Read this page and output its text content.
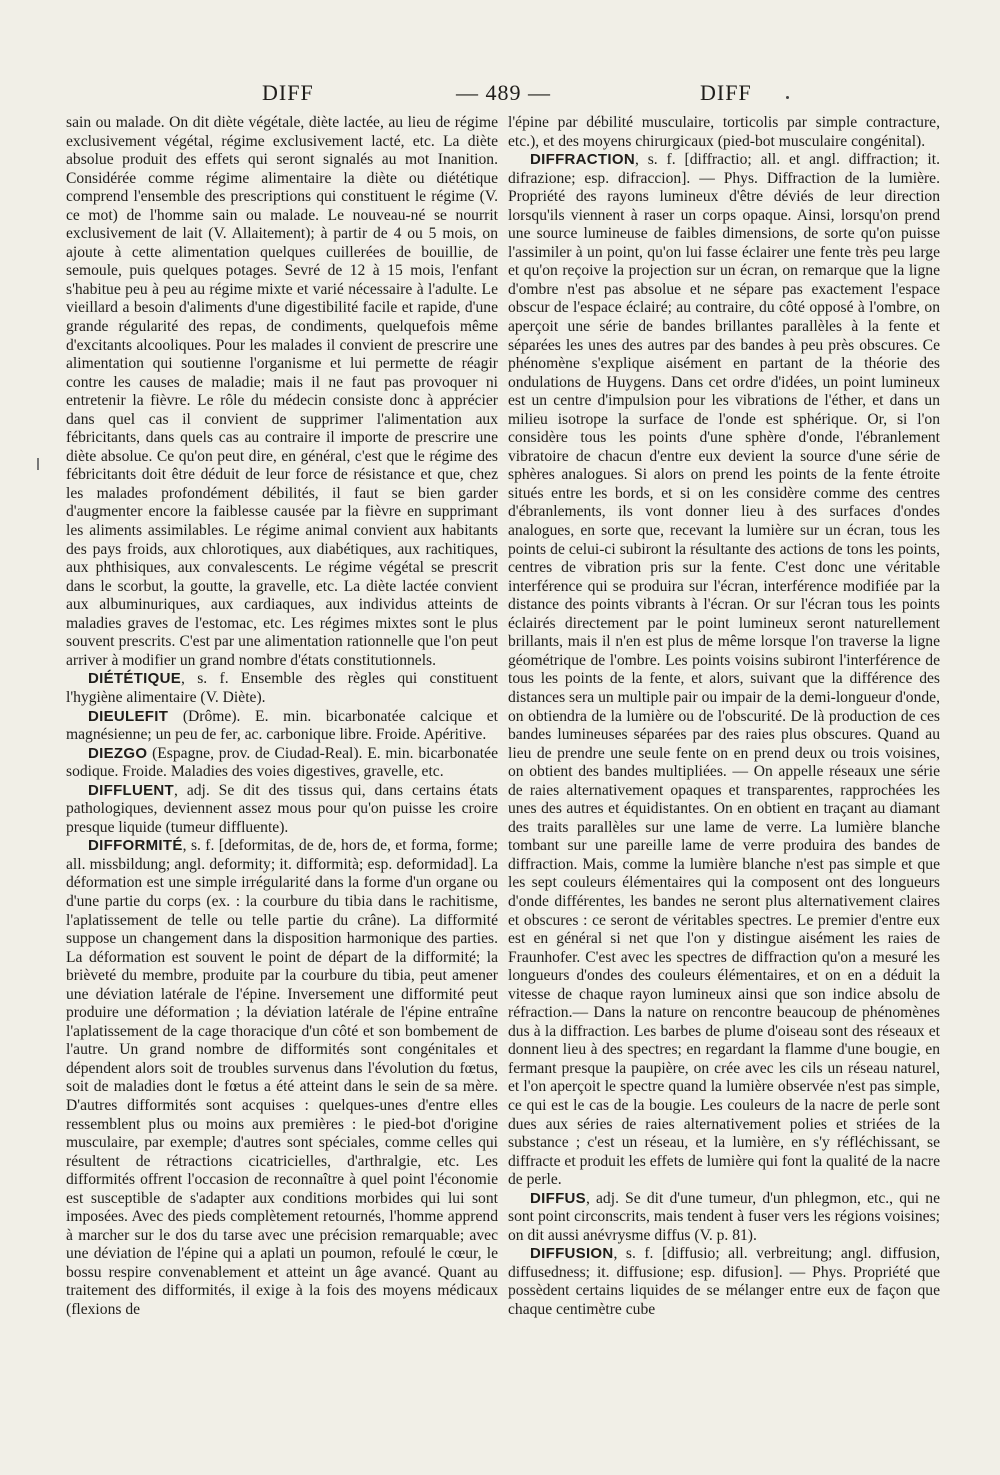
DIFF	— 489 —	DIFF

sain ou malade. On dit diète végétale, diète lactée, au lieu de régime exclusivement végétal, régime exclusivement lacté, etc. La diète absolue produit des effets qui seront signalés au mot Inanition. Considérée comme régime alimentaire la diète ou diététique comprend l'ensemble des prescriptions qui constituent le régime (V. ce mot) de l'homme sain ou malade. Le nouveau-né se nourrit exclusivement de lait (V. Allaitement); à partir de 4 ou 5 mois, on ajoute à cette alimentation quelques cuillerées de bouillie, de semoule, puis quelques potages. Sevré de 12 à 15 mois, l'enfant s'habitue peu à peu au régime mixte et varié nécessaire à l'adulte. Le vieillard a besoin d'aliments d'une digestibilité facile et rapide, d'une grande régularité des repas, de condiments, quelquefois même d'excitants alcooliques. Pour les malades il convient de prescrire une alimentation qui soutienne l'organisme et lui permette de réagir contre les causes de maladie; mais il ne faut pas provoquer ni entretenir la fièvre. Le rôle du médecin consiste donc à apprécier dans quel cas il convient de supprimer l'alimentation aux fébricitants, dans quels cas au contraire il importe de prescrire une diète absolue. Ce qu'on peut dire, en général, c'est que le régime des fébricitants doit être déduit de leur force de résistance et que, chez les malades profondément débilités, il faut se bien garder d'augmenter encore la faiblesse causée par la fièvre en supprimant les aliments assimilables. Le régime animal convient aux habitants des pays froids, aux chlorotiques, aux diabétiques, aux rachitiques, aux phthisiques, aux convalescents. Le régime végétal se prescrit dans le scorbut, la goutte, la gravelle, etc. La diète lactée convient aux albuminuriques, aux cardiaques, aux individus atteints de maladies graves de l'estomac, etc. Les régimes mixtes sont le plus souvent prescrits. C'est par une alimentation rationnelle que l'on peut arriver à modifier un grand nombre d'états constitutionnels.

DIÉTÉTIQUE, s. f. Ensemble des règles qui constituent l'hygiène alimentaire (V. Diète).

DIEULEFIT (Drôme). E. min. bicarbonatée calcique et magnésienne; un peu de fer, ac. carbonique libre. Froide. Apéritive.

DIEZGO (Espagne, prov. de Ciudad-Real). E. min. bicarbonatée sodique. Froide. Maladies des voies digestives, gravelle, etc.

DIFFLUENT, adj. Se dit des tissus qui, dans certains états pathologiques, deviennent assez mous pour qu'on puisse les croire presque liquide (tumeur diffluente).

DIFFORMITÉ, s. f. [deformitas, de de, hors de, et forma, forme; all. missbildung; angl. deformity; it. difformità; esp. deformidad]. La déformation est une simple irrégularité dans la forme d'un organe ou d'une partie du corps (ex. : la courbure du tibia dans le rachitisme, l'aplatissement de telle ou telle partie du crâne). La difformité suppose un changement dans la disposition harmonique des parties. La déformation est souvent le point de départ de la difformité; la brièveté du membre, produite par la courbure du tibia, peut amener une déviation latérale de l'épine. Inversement une difformité peut produire une déformation ; la déviation latérale de l'épine entraîne l'aplatissement de la cage thoracique d'un côté et son bombement de l'autre. Un grand nombre de difformités sont congénitales et dépendent alors soit de troubles survenus dans l'évolution du fœtus, soit de maladies dont le fœtus a été atteint dans le sein de sa mère. D'autres difformités sont acquises : quelques-unes d'entre elles ressemblent plus ou moins aux premières : le pied-bot d'origine musculaire, par exemple; d'autres sont spéciales, comme celles qui résultent de rétractions cicatricielles, d'arthralgie, etc. Les difformités offrent l'occasion de reconnaître à quel point l'économie est susceptible de s'adapter aux conditions morbides qui lui sont imposées. Avec des pieds complètement retournés, l'homme apprend à marcher sur le dos du tarse avec une précision remarquable; avec une déviation de l'épine qui a aplati un poumon, refoulé le cœur, le bossu respire convenablement et atteint un âge avancé. Quant au traitement des difformités, il exige à la fois des moyens médicaux (flexions de

l'épine par débilité musculaire, torticolis par simple contracture, etc.), et des moyens chirurgicaux (pied-bot musculaire congénital).

DIFFRACTION, s. f. [diffractio; all. et angl. diffraction; it. difrazione; esp. difraccion]. — Phys. Diffraction de la lumière. Propriété des rayons lumineux d'être déviés de leur direction lorsqu'ils viennent à raser un corps opaque. Ainsi, lorsqu'on prend une source lumineuse de faibles dimensions, de sorte qu'on puisse l'assimiler à un point, qu'on lui fasse éclairer une fente très peu large et qu'on reçoive la projection sur un écran, on remarque que la ligne d'ombre n'est pas absolue et ne sépare pas exactement l'espace obscur de l'espace éclairé; au contraire, du côté opposé à l'ombre, on aperçoit une série de bandes brillantes parallèles à la fente et séparées les unes des autres par des bandes à peu près obscures. Ce phénomène s'explique aisément en partant de la théorie des ondulations de Huygens. Dans cet ordre d'idées, un point lumineux est un centre d'impulsion pour les vibrations de l'éther, et dans un milieu isotrope la surface de l'onde est sphérique. Or, si l'on considère tous les points d'une sphère d'onde, l'ébranlement vibratoire de chacun d'entre eux devient la source d'une série de sphères analogues. Si alors on prend les points de la fente étroite situés entre les bords, et si on les considère comme des centres d'ébranlements, ils vont donner lieu à des surfaces d'ondes analogues, en sorte que, recevant la lumière sur un écran, tous les points de celui-ci subiront la résultante des actions de tons les points, centres de vibration pris sur la fente. C'est donc une véritable interférence qui se produira sur l'écran, interférence modifiée par la distance des points vibrants à l'écran. Or sur l'écran tous les points éclairés directement par le point lumineux seront naturellement brillants, mais il n'en est plus de même lorsque l'on traverse la ligne géométrique de l'ombre. Les points voisins subiront l'interférence de tous les points de la fente, et alors, suivant que la différence des distances sera un multiple pair ou impair de la demi-longueur d'onde, on obtiendra de la lumière ou de l'obscurité. De là production de ces bandes lumineuses séparées par des raies plus obscures. Quand au lieu de prendre une seule fente on en prend deux ou trois voisines, on obtient des bandes multipliées. — On appelle réseaux une série de raies alternativement opaques et transparentes, rapprochées les unes des autres et équidistantes. On en obtient en traçant au diamant des traits parallèles sur une lame de verre. La lumière blanche tombant sur une pareille lame de verre produira des bandes de diffraction. Mais, comme la lumière blanche n'est pas simple et que les sept couleurs élémentaires qui la composent ont des longueurs d'onde différentes, les bandes ne seront plus alternativement claires et obscures : ce seront de véritables spectres. Le premier d'entre eux est en général si net que l'on y distingue aisément les raies de Fraunhofer. C'est avec les spectres de diffraction qu'on a mesuré les longueurs d'ondes des couleurs élémentaires, et on en a déduit la vitesse de chaque rayon lumineux ainsi que son indice absolu de réfraction.— Dans la nature on rencontre beaucoup de phénomènes dus à la diffraction. Les barbes de plume d'oiseau sont des réseaux et donnent lieu à des spectres; en regardant la flamme d'une bougie, en fermant presque la paupière, on crée avec les cils un réseau naturel, et l'on aperçoit le spectre quand la lumière observée n'est pas simple, ce qui est le cas de la bougie. Les couleurs de la nacre de perle sont dues aux séries de raies alternativement polies et striées de la substance ; c'est un réseau, et la lumière, en s'y réfléchissant, se diffracte et produit les effets de lumière qui font la qualité de la nacre de perle.

DIFFUS, adj. Se dit d'une tumeur, d'un phlegmon, etc., qui ne sont point circonscrits, mais tendent à fuser vers les régions voisines; on dit aussi anévrysme diffus (V. p. 81).

DIFFUSION, s. f. [diffusio; all. verbreitung; angl. diffusion, diffusedness; it. diffusione; esp. difusion]. — Phys. Propriété que possèdent certains liquides de se mélanger entre eux de façon que chaque centimètre cube
